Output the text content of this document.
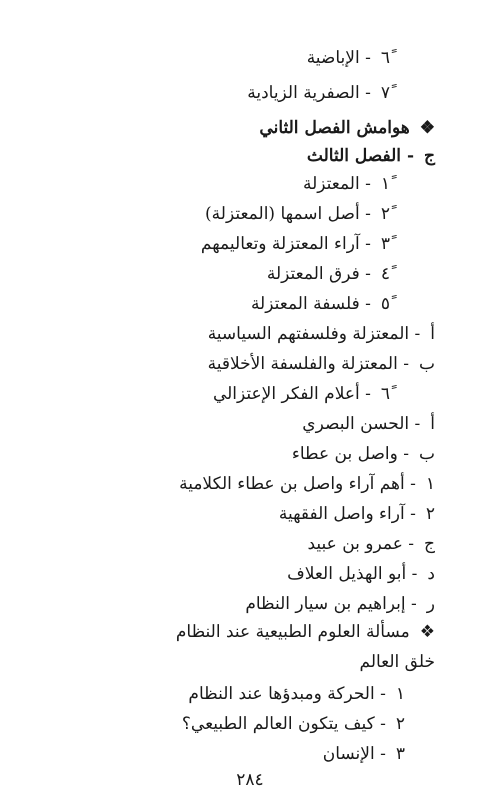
٦ً- الإباضية
٧ً- الصفرية الزيادية
❖هوامش الفصل الثاني
ج- الفصل الثالث
١ً- المعتزلة
٢ً- أصل اسمها (المعتزلة)
٣ً- آراء المعتزلة وتعاليمهم
٤ً- فرق المعتزلة
٥ً- فلسفة المعتزلة
أ- المعتزلة وفلسفتهم السياسية
ب- المعتزلة والفلسفة الأخلاقية
٦ً- أعلام الفكر الإعتزالي
أ- الحسن البصري
ب- واصل بن عطاء
١- أهم آراء واصل بن عطاء الكلامية
٢- آراء واصل الفقهية
ج- عمرو بن عبيد
د- أبو الهذيل العلاف
ر- إبراهيم بن سيار النظام
❖مسألة العلوم الطبيعية عند النظام
خلق العالم
١- الحركة ومبدؤها عند النظام
٢- كيف يتكون العالم الطبيعي؟
٣- الإنسان
٢٨٤
